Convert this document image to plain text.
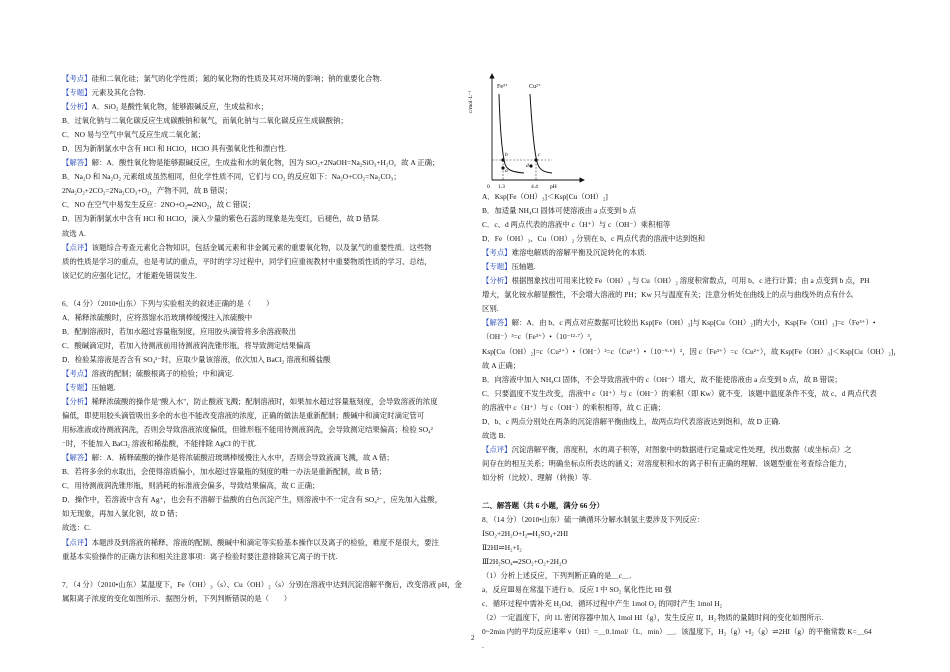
【考点】硅和二氧化硅；氯气的化学性质；氮的氧化物的性质及其对环境的影响；钠的重要化合物.
【专题】元素及其化合物.
【分析】A．SiO₂ 是酸性氧化物，能够跟碱反应，生成盐和水；
B．过氧化钠与二氧化碳反应生成碳酸钠和氧气，而氧化钠与二氧化碳反应生成碳酸钠；
C．NO 易与空气中氧气反应生成二氧化氮；
D．因为新制氯水中含有 HCl 和 HClO，HClO 具有强氧化性和漂白性.
【解答】解：A．酸性氧化物是能够跟碱反应，生成盐和水的氧化物，因为 SiO₂+2NaOH=Na₂SiO₃+H₂O，故 A 正确；
B．Na₂O 和 Na₂O₂ 元素组成虽然相同，但化学性质不同，它们与 CO₂ 的反应如下：Na₂O+CO₂=Na₂CO₃；
2Na₂O₂+2CO₂=2Na₂CO₃+O₂，产物不同，故 B 错误；
C．NO 在空气中易发生反应：2NO+O₂═2NO₂，故 C 错误；
D．因为新制氯水中含有 HCl 和 HClO，滴入少量的紫色石蕊的现象是先变红，后褪色，故 D 错误.
故选 A.
【点评】该题综合考查元素化合物知识，包括金属元素和非金属元素的重要氧化物，以及氯气的重要性质．这些物
质的性质是学习的重点，也是考试的重点，平时的学习过程中，同学们应重视教材中重要物质性质的学习、总结，
该记忆的应强化记忆，才能避免错误发生.
6．（4 分）（2010•山东）下列与实验相关的叙述正确的是（　　）
A．稀释浓硫酸时，应将蒸馏水沿玻璃棒缓慢注入浓硫酸中
B．配制溶液时，若加水超过容量瓶刻度，应用胶头滴管将多余溶液吸出
C．酸碱滴定时，若加入待测液前用待测液润洗锥形瓶，将导致测定结果偏高
D．检验某溶液是否含有 SO₄²⁻时，应取少量该溶液，依次加入 BaCl₂ 溶液和稀盐酸
【考点】溶液的配制；硫酸根离子的检验；中和滴定.
【专题】压轴题.
【分析】稀释浓硫酸的操作是"酸入水"，防止酸液飞溅；配制溶液时，如果加水超过容量瓶刻度，会导致溶液的浓度
偏低，即使用胶头滴管吸出多余的水也不能改变溶液的浓度，正确的做法是重新配制；酸碱中和滴定时滴定管可
用标准液或待测液润洗，否则会导致溶液浓度偏低，但锥形瓶不能用待测液润洗，会导致测定结果偏高；检验 SO₄²
⁻时，不能加入 BaCl₂ 溶液和稀盐酸，不能排除 AgCl 的干扰.
【解答】解：A．稀释硫酸的操作是将浓硫酸沿玻璃棒缓慢注入水中，否则会导致液滴飞溅，故 A 错；
B．若将多余的水取出，会使得溶质偏小，加水超过容量瓶的刻度的唯一办法是重新配制，故 B 错；
C．用待测液润洗锥形瓶，则消耗的标准液会偏多，导致结果偏高，故 C 正确；
D．操作中，若溶液中含有 Ag⁺，也会有不溶解于盐酸的白色沉淀产生，则溶液中不一定含有 SO₄²⁻，应先加入盐酸，
如无现象，再加入氯化钡，故 D 错；
故选：C.
【点评】本题涉及到溶液的稀释、溶液的配制、酸碱中和滴定等实验基本操作以及离子的检验，难度不是很大，要注
重基本实验操作的正确方法和相关注意事项：离子检验时要注意排除其它离子的干扰.
7．（4 分）（2010•山东）某温度下，Fe（OH）₃（s）、Cu（OH）₂（s）分别在溶液中达到沉淀溶解平衡后，改变溶液 pH，金
属阳离子浓度的变化如图所示．据图分析，下列判断错误的是（　　）
c/mol·L⁻¹
Fe³⁺	Cu²⁺
b	c
a
d
0 1.3	4.4 pH
A．Ksp[Fe（OH）₃]＜Ksp[Cu（OH）₂]
B．加适量 NH₄Cl 固体可使溶液由 a 点变到 b 点
C．c、d 两点代表的溶液中 c（H⁺）与 c（OH⁻）乘积相等
D．Fe（OH）₃、Cu（OH）₂ 分别在 b、c 两点代表的溶液中达到饱和
【考点】难溶电解质的溶解平衡及沉淀转化的本质.
【专题】压轴题.
【分析】根据图象找出可用来比较 Fe（OH）₃ 与 Cu（OH）₂ 溶度积常数点，可用 b、c 进行计算；由 a 点变到 b 点，PH
增大，氯化铵水解显酸性，不会增大溶液的 PH；Kw 只与温度有关；注意分析处在曲线上的点与曲线外的点有什么
区别.
【解答】解：A．由 b、c 两点对应数据可比较出 Ksp[Fe（OH）₃]与 Ksp[Cu（OH）₂]的大小，Ksp[Fe（OH）₃]=c（Fe³⁺）•
（OH⁻）³=c（Fe³⁺）•（10⁻¹²·⁷）³，
Ksp[Cu（OH）₂]=c（Cu²⁺）•（OH⁻）²=c（Cu²⁺）•（10⁻⁹·⁶）²，因 c（Fe³⁺）=c（Cu²⁺），故 Ksp[Fe（OH）₃]＜Ksp[Cu（OH）₂]，
故 A 正确；
B．向溶液中加入 NH₄Cl 固体，不会导致溶液中的 c（OH⁻）增大，故不能使溶液由 a 点变到 b 点，故 B 错误；
C．只要温度不发生改变，溶液中 c（H⁺）与 c（OH⁻）的乘积（即 Kw）就不变．该题中温度条件不变，故 c、d 两点代表
的溶液中 c（H⁺）与 c（OH⁻）的乘积相等，故 C 正确；
D．b、c 两点分别处在两条的沉淀溶解平衡曲线上，故两点均代表溶液达到饱和，故 D 正确.
故选 B.
【点评】沉淀溶解平衡，溶度积，水的离子积等，对图象中的数据进行定量或定性处理，找出数据（或坐标点）之
间存在的相互关系；明确坐标点所表达的涵义；对溶度积和水的离子积有正确的理解．该题型重在考查综合能力，
如分析（比较）、理解（转换）等.
二、解答题（共 6 小题，满分 66 分）
8．（14 分）（2010•山东）硫一碘循环分解水制氢主要涉及下列反应：
ⅠSO₂+2H₂O+I₂═H₂SO₄+2HI
Ⅱ2HI⇌H₂+I₂
Ⅲ2H₂SO₄═2SO₂+O₂+2H₂O
（1）分析上述反应，下列判断正确的是＿c＿.
a．反应Ⅲ易在常温下进行 b．反应 I 中 SO₂ 氧化性比 HI 强
c．循环过程中需补充 H₂Od．循环过程中产生 1mol O₂ 的同时产生 1mol H₂
（2）一定温度下，向 1L 密闭容器中加入 1mol HI（g），发生反应 II，H₂ 物质的量随时间的变化如图所示.
0~2min 内的平均反应速率 v（HI）=＿0.1mol/（L．min）＿．该温度下，H₂（g）+I₂（g）⇌2HI（g）的平衡常数 K=＿64
.
2
